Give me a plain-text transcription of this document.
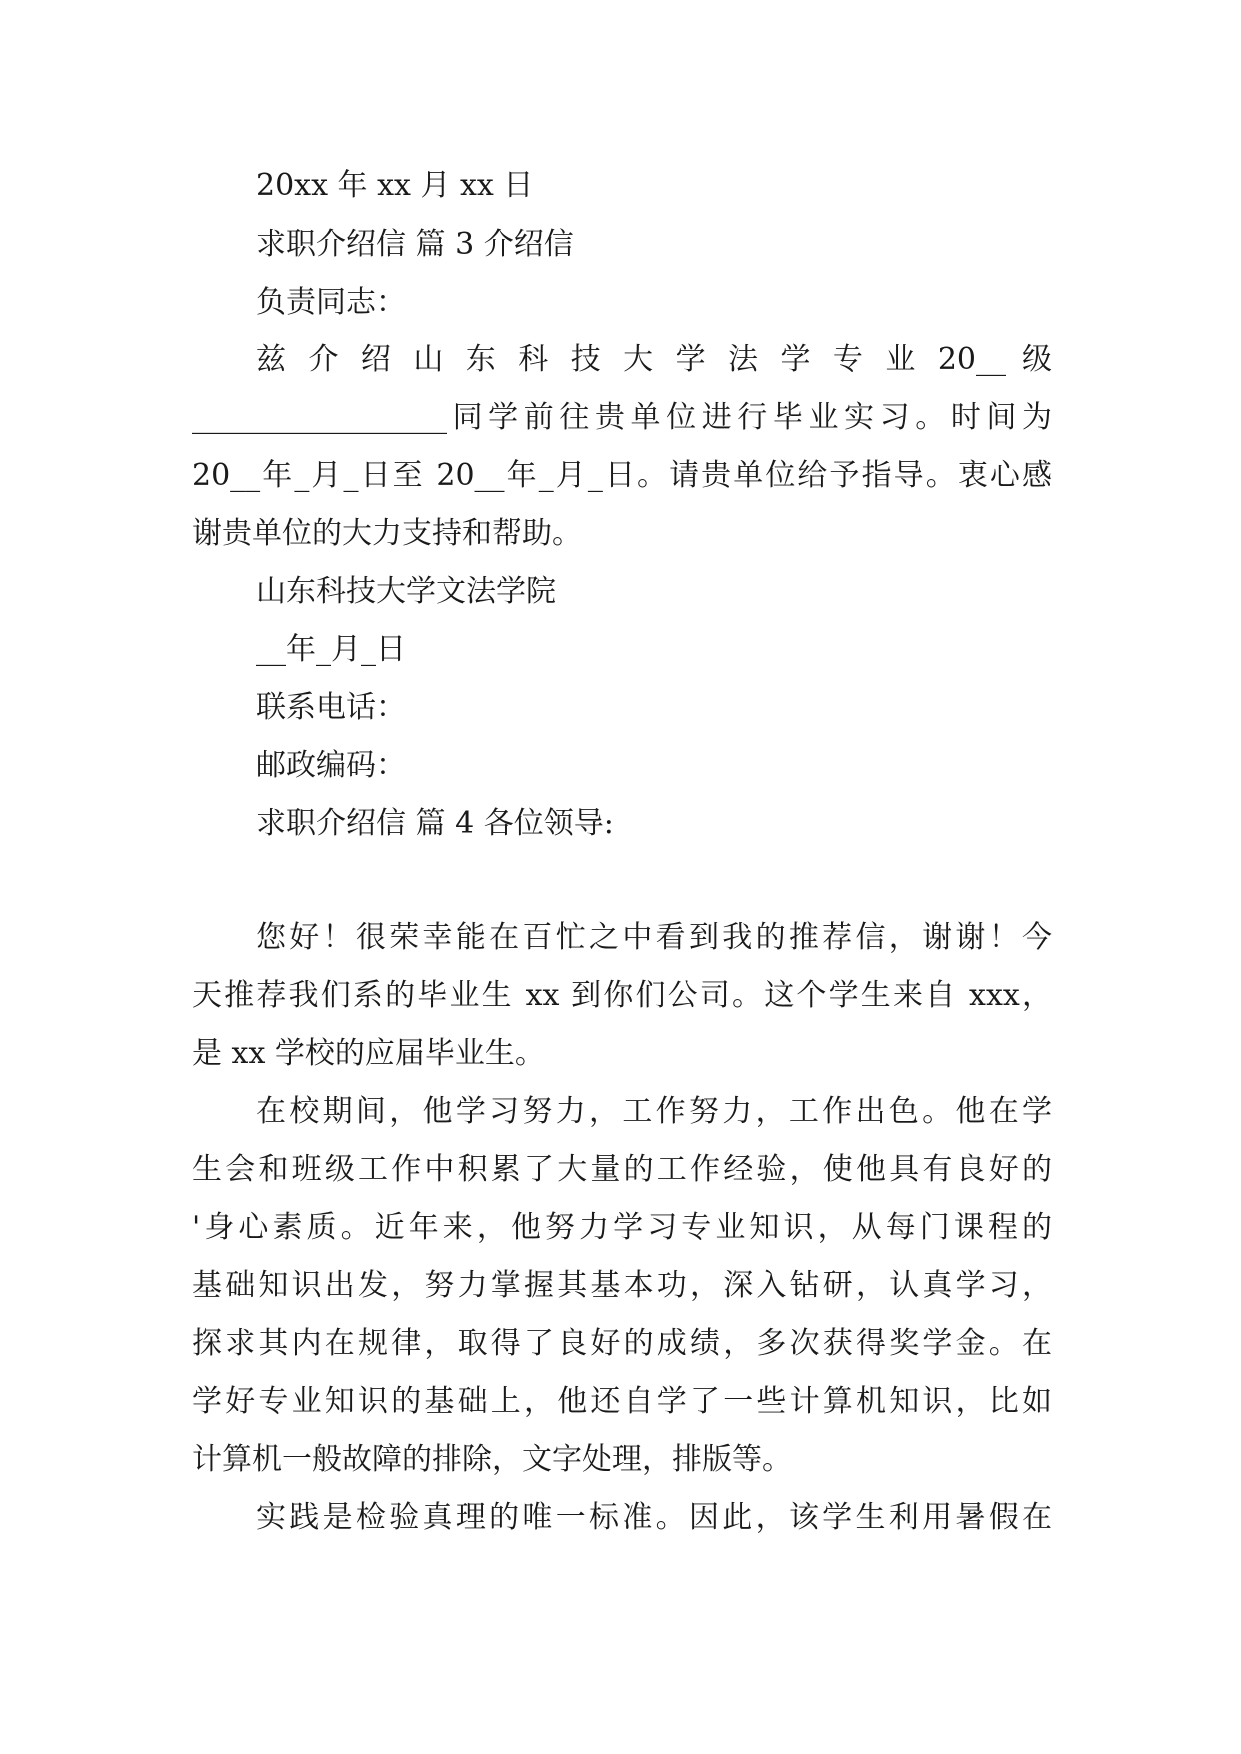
20xx 年 xx 月 xx 日
求职介绍信 篇 3 介绍信
负责同志：
兹 介 绍 山 东 科 技 大 学 法 学 专 业 20__ 级
_________________同学前往贵单位进行毕业实习。时间为
20__年_月_日至 20__年_月_日。请贵单位给予指导。衷心感
谢贵单位的大力支持和帮助。
山东科技大学文法学院
__年_月_日
联系电话：
邮政编码：
求职介绍信 篇 4 各位领导:
您好！很荣幸能在百忙之中看到我的推荐信，谢谢！今
天推荐我们系的毕业生 xx 到你们公司。这个学生来自 xxx，
是 xx 学校的应届毕业生。
在校期间，他学习努力，工作努力，工作出色。他在学
生会和班级工作中积累了大量的工作经验，使他具有良好的
'身心素质。近年来，他努力学习专业知识，从每门课程的
基础知识出发，努力掌握其基本功，深入钻研，认真学习，
探求其内在规律，取得了良好的成绩，多次获得奖学金。在
学好专业知识的基础上，他还自学了一些计算机知识，比如
计算机一般故障的排除，文字处理，排版等。
实践是检验真理的唯一标准。因此，该学生利用暑假在
